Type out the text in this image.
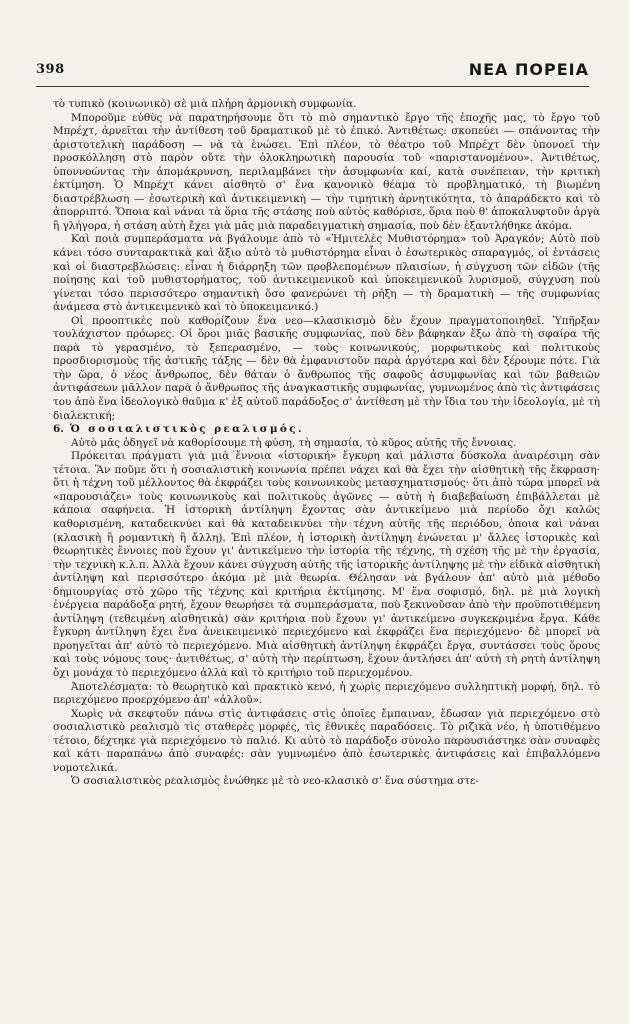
398	ΝΕΑ ΠΟΡΕΙΑ

τὸ τυπικὸ (κοινωνικὸ) σὲ μιὰ πλήρη ἁρμονικὴ συμφωνία.

Μποροῦμε εὐθὺς νὰ παρατηρήσουμε ὅτι τὸ πιὸ σημαντικὸ ἔργο τῆς ἐποχῆς μας, τὸ ἔργο τοῦ Μπρέχτ, ἀρνεῖται τὴν ἀντίθεση τοῦ δραματικοῦ μὲ τὸ ἐπικό. Ἀντιθέτως: σκοπεύει — σπάνοντας τὴν ἀριστοτελικὴ παράδοση — νὰ τὰ ἑνώσει. Ἐπὶ πλέον, τὸ θέατρο τοῦ Μπρέχτ δὲν ὑπονοεῖ τὴν προσκόλληση στὸ παρὸν οὔτε τὴν ὁλοκληρωτικὴ παρουσία τοῦ «παριστανομένου». Ἀντιθέτως, ὑποννοώντας τὴν ἀπομάκρυνση, περιλαμβάνει τὴν ἀσυμφωνία καί, κατὰ συνέπειαν, τὴν κριτικὴ ἐκτίμηση. Ὁ Μπρέχτ κάνει αἰσθητὸ σ' ἕνα κανονικὸ θέαμα τὸ προβληματικό, τὴ βιωμένη διαστρέβλωση — ἐσωτερικὴ καὶ ἀντικειμενικὴ — τὴν τιμητικὴ ἀρνητικότητα, τὸ ἀπαράδεκτο καὶ τὸ ἀπορριπτό. Ὅποια καὶ νάναι τὰ ὅρια τῆς στάσης ποὺ αὐτὸς καθόρισε, ὅρια ποὺ θ' ἀποκαλυφτοῦν ἀργὰ ἢ γλήγορα, ἡ στάση αὐτὴ ἔχει γιὰ μᾶς μιὰ παραδειγματικὴ σημασία, ποὺ δὲν ἐξαντλήθηκε ἀκόμα.

Καὶ ποιὰ συμπεράσματα νὰ βγάλουμε ἀπὸ τὸ «Ἡμιτελὲς Μυθιστόρημα» τοῦ Ἀραγκόν; Αὐτὸ ποὺ κάνει τόσο συνταρακτικὰ καὶ ἄξιο αὐτὸ τὸ μυθιστόρημα εἶναι ὁ ἐσωτερικὸς σπαραγμός, οἱ ἐντάσεις καὶ οἱ διαστρεβλώσεις: εἶναι ἡ διάρρηξη τῶν προβλεπομένων πλαισίων, ἡ σύγχυση τῶν εἰδῶν (τῆς ποίησης καὶ τοῦ μυθιστορήματος, τοῦ ἀντικειμενικοῦ καὶ ὑποκειμενικοῦ λυρισμοῦ, σύγχυση ποὺ γίνεται τόσο περισσότερο σημαντικὴ ὅσο φανερώνει τὴ ρήξη — τὴ δραματικὴ — τῆς συμφωνίας ἀνάμεσα στὸ ἀντικειμενικὸ καὶ τὸ ὑποκειμενικό.)

Οἱ προοπτικὲς ποὺ καθορίζουν ἕνα νεο—κλασικισμὸ δὲν ἔχουν πραγματοποιηθεῖ. Ὑπῆρξαν τουλάχιστον πρόωρες. Οἱ ὅροι μιᾶς βασικῆς συμφωνίας, ποὺ δὲν βάφηκαν ἔξω ἀπὸ τὴ σφαίρα τῆς παρὰ τὸ γερασμένο, τὸ ξεπερασμένο, — τοὺς κοινωνικούς, μορφωτικοὺς καὶ πολιτικοὺς προσδιορισμοὺς τῆς ἀστικῆς τάξης — δὲν θὰ ἐμφανιστοῦν παρὰ ἀργότερα καὶ δὲν ξέρουμε πότε. Γιὰ τὴν ὥρα, ὁ νέος ἄνθρωπος, δὲν θάταν ὁ ἄνθρωπος τῆς σαφοῦς ἀσυμφωνίας καὶ τῶν βαθειῶν ἀντιφάσεων μᾶλλον παρὰ ὁ ἄνθρωπος τῆς ἀναγκαστικῆς συμφωνίας, γυμνωμένος ἀπὸ τὶς ἀντιφάσεις του ἀπὸ ἕνα ἰδεολογικὸ θαῦμα κ' ἐξ αὐτοῦ παράδοξος σ' ἀντίθεση μὲ τὴν ἴδια του τὴν ἰδεολογία, μὲ τὴ διαλεκτική;

6. Ὁ σοσιαλιστικὸς ρεαλισμός.

Αὐτὸ μᾶς ὁδηγεῖ νὰ καθορίσουμε τὴ φύση, τὴ σημασία, τὸ κῦρος αὐτῆς τῆς ἔννοιας.

Πρόκειται πράγματι γιὰ μιὰ ἔννοια «ἱστορική» ἔγκυρη καὶ μάλιστα δύσκολα ἀναιρέσιμη σὰν τέτοια. Ἂν ποῦμε ὅτι ἡ σοσιαλιστικὴ κοινωνία πρέπει νάχει καὶ θὰ ἔχει τὴν αἰσθητικὴ τῆς ἔκφραση· ὅτι ἡ τέχνη τοῦ μέλλοντος θὰ ἐκφράζει τοὺς κοινωνικοὺς μετασχηματισμούς· ὅτι ἀπὸ τώρα μπορεῖ νὰ «παρουσιάζει» τοὺς κοινωνικοὺς καὶ πολιτικοὺς ἀγῶνες — αὐτὴ ἡ διαβεβαίωση ἐπιβάλλεται μὲ κάποια σαφήνεια. Ἡ ἱστορικὴ ἀντίληψη ἔχοντας σὰν ἀντικείμενο μιὰ περίοδο ὄχι καλῶς καθορισμένη, καταδεικνύει καὶ θὰ καταδεικνύει τὴν τέχνη αὐτῆς τῆς περιόδου, ὁποια καὶ νάναι (κλασικὴ ἢ ρομαντικὴ ἢ ἄλλη). Ἐπὶ πλέον, ἡ ἱστορικὴ ἀντίληψη ἑνώνεται μ' ἄλλες ἱστορικὲς καὶ θεωρητικὲς ἔννοιες ποὺ ἔχουν γι' ἀντικείμενο τὴν ἱστορία τῆς τέχνης, τὴ σχέση τῆς μὲ τὴν ἐργασία, τὴν τεχνικὴ κ.λ.π. Ἀλλὰ ἔχουν κάνει σύγχυση αὐτῆς τῆς ἱστορικῆς ἀντίληψης μὲ τὴν εἰδικὰ αἰσθητικὴ ἀντίληψη καὶ περισσότερο ἀκόμα μὲ μιὰ θεωρία. Θέλησαν νὰ βγάλουν ἀπ' αὐτὸ μιὰ μέθοδο δημιουργίας στὸ χῶρο τῆς τέχνης καὶ κριτήρια ἐκτίμησης. Μ' ἕνα σοφισμό, δηλ. μὲ μιὰ λογικὴ ἐνέργεια παράδοξα ρητή, ἔχουν θεωρήσει τὰ συμπεράσματα, ποὺ ξεκινοῦσαν ἀπὸ τὴν προϋποτιθέμενη ἀντίληψη (τεθειμένη αἰσθητικὰ) σὰν κριτήρια ποὺ ἔχουν γι' ἀντικείμενο συγκεκριμένα ἔργα. Κάθε ἔγκυρη ἀντίληψη ἔχει ἕνα ἀνεικειμενικὸ περιεχόμενο καὶ ἐκφράζει ἕνα περιεχόμενο· δὲ μπορεῖ νὰ προηγεῖται ἀπ' αὐτὸ τὸ περιεχόμενο. Μιὰ αἰσθητικὴ ἀντίληψη ἐκφράζει ἔργα, συντάσσει τοὺς ὅρους καὶ τοὺς νόμους τους· ἀντιθέτως, σ' αὐτὴ τὴν περίπτωση, ἔχουν ἀντλήσει ἀπ' αὐτὴ τὴ ρητὴ ἀντίληψη ὄχι μονάχα τὸ περιεχόμενο ἀλλὰ καὶ τὸ κριτήριο τοῦ περιεχομένου.

Ἀποτελέσματα: τὸ θεωρητικὸ καὶ πρακτικὸ κενό, ἡ χωρὶς περιεχόμενο συλληπτικὴ μορφή, δηλ. τὸ περιεχόμενο προερχόμενο ἀπ' «ἀλλοῦ».

Χωρὶς νὰ σκεφτοῦν πάνω στὶς ἀντιφάσεις στὶς ὁποῖες ἔμπαιναν, ἔδωσαν γιὰ περιεχόμενο στὸ σοσιαλιστικὸ ρεαλισμὸ τὶς σταθερὲς μορφές, τὶς ἐθνικὲς παραδόσεις. Τὸ ριζικὰ νέο, ἡ ὑποτιθέμενο τέτοιο, δέχτηκε γιὰ περιεχόμενο τὸ παλιό. Κι αὐτὸ τὸ παράδοξο σύνολο παρουσιάστηκε σὰν συναφὲς καὶ κάτι παραπάνω ἀπὸ συναφές: σὰν γυμνωμένο ἀπὸ ἐσωτερικὲς ἀντιφάσεις καὶ ἐπιβαλλόμενο νομοτελικά.

Ὁ σοσιαλιστικὸς ρεαλισμὸς ἑνώθηκε μὲ τὸ νεο-κλασικὸ σ' ἕνα σύστημα στε-
